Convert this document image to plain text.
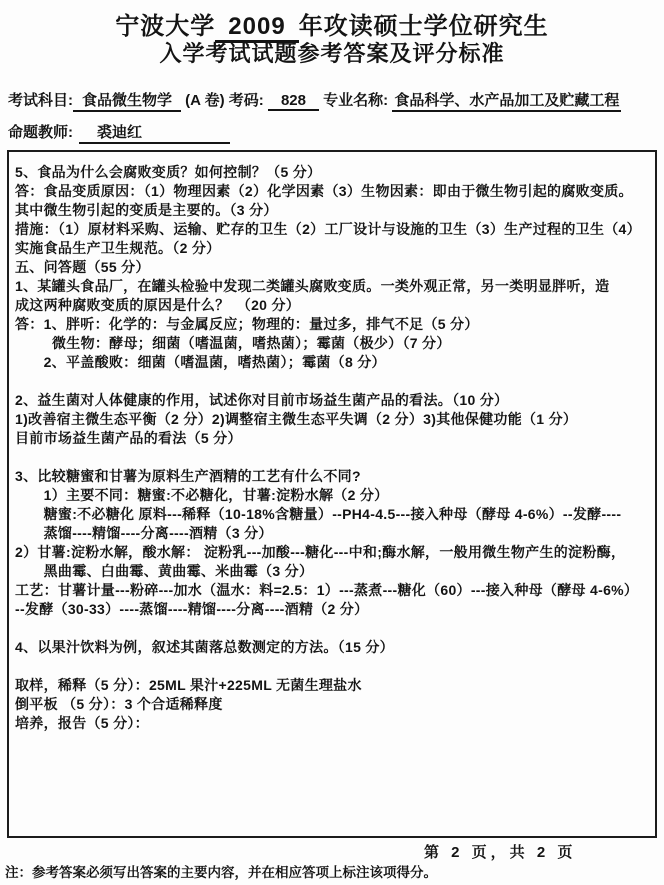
宁波大学 2009 年攻读硕士学位研究生
入学考试试题参考答案及评分标准
考试科目: 食品微生物学 (A 卷) 考码: 828 专业名称: 食品科学、水产品加工及贮藏工程
命题教师: 裘迪红
5、食品为什么会腐败变质？如何控制？（5 分）
答：食品变质原因：（1）物理因素（2）化学因素（3）生物因素：即由于微生物引起的腐败变质。
其中微生物引起的变质是主要的。（3 分）
措施：（1）原材料采购、运输、贮存的卫生（2）工厂设计与设施的卫生（3）生产过程的卫生（4）
实施食品生产卫生规范。（2 分）
五、问答题（55 分）
1、某罐头食品厂，在罐头检验中发现二类罐头腐败变质。一类外观正常，另一类明显胖听，造
成这两种腐败变质的原因是什么？　（20 分）
答：1、胖听：化学的：与金属反应；物理的：量过多，排气不足（5 分）
　　  微生物：酵母；细菌（嗜温菌，嗜热菌）；霉菌（极少）（7 分）
　　2、平盖酸败：细菌（嗜温菌，嗜热菌）；霉菌（8 分）
2、益生菌对人体健康的作用，试述你对目前市场益生菌产品的看法。（10 分）
1)改善宿主微生态平衡（2 分）2)调整宿主微生态平失调（2 分）3)其他保健功能（1 分）
目前市场益生菌产品的看法（5 分）
3、比较糖蜜和甘薯为原料生产酒精的工艺有什么不同?
　　1）主要不同：糖蜜:不必糖化，甘薯:淀粉水解（2 分）
　　糖蜜:不必糖化 原料---稀释（10-18%含糖量）--PH4-4.5---接入种母（酵母 4-6%）--发酵----
　　蒸馏----精馏----分离----酒精（3 分）
2）甘薯:淀粉水解，酸水解： 淀粉乳---加酸---糖化---中和;酶水解，一般用微生物产生的淀粉酶，
　　黑曲霉、白曲霉、黄曲霉、米曲霉（3 分）
工艺：甘薯计量---粉碎---加水（温水：料=2.5：1）---蒸煮---糖化（60）---接入种母（酵母 4-6%）
--发酵（30-33）----蒸馏----精馏----分离----酒精（2 分）
4、以果汁饮料为例，叙述其菌落总数测定的方法。（15 分）
取样，稀释（5 分）：25ML 果汁+225ML 无菌生理盐水
倒平板 （5 分）：3 个合适稀释度
培养，报告（5 分）：
第 2 页，共 2 页
注：参考答案必须写出答案的主要内容，并在相应答项上标注该项得分。
